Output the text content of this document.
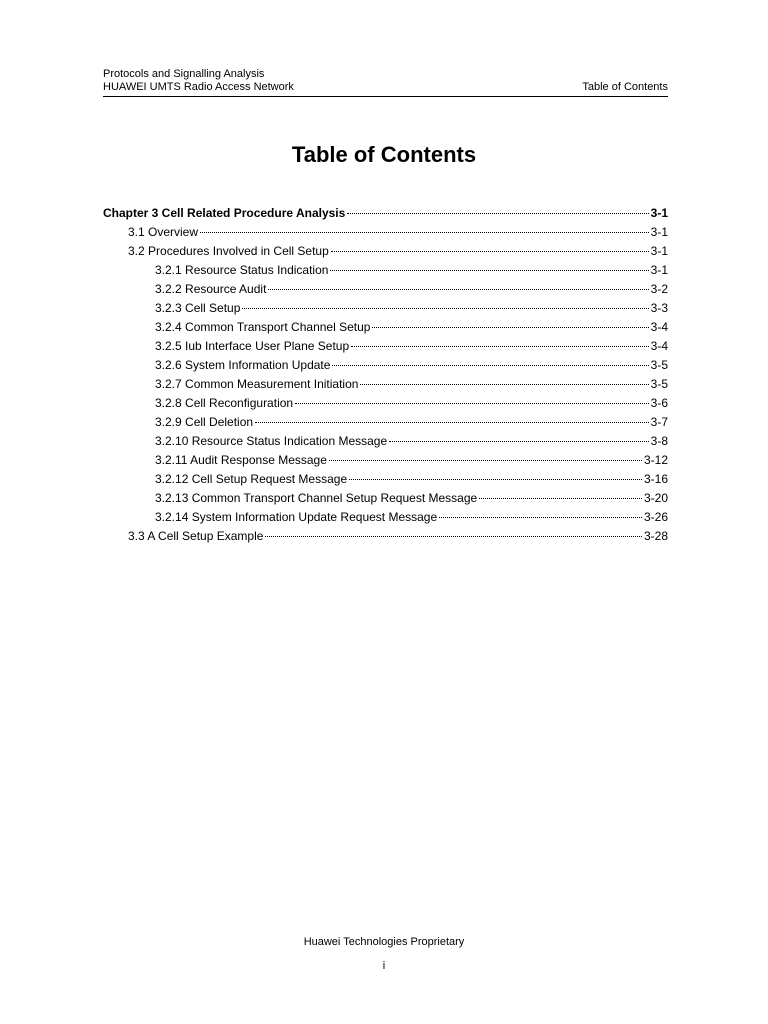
Protocols and Signalling Analysis
HUAWEI UMTS Radio Access Network	Table of Contents
Table of Contents
Chapter 3 Cell Related Procedure Analysis	3-1
3.1 Overview	3-1
3.2 Procedures Involved in Cell Setup	3-1
3.2.1 Resource Status Indication	3-1
3.2.2 Resource Audit	3-2
3.2.3 Cell Setup	3-3
3.2.4 Common Transport Channel Setup	3-4
3.2.5 Iub Interface User Plane Setup	3-4
3.2.6 System Information Update	3-5
3.2.7 Common Measurement Initiation	3-5
3.2.8 Cell Reconfiguration	3-6
3.2.9 Cell Deletion	3-7
3.2.10 Resource Status Indication Message	3-8
3.2.11 Audit Response Message	3-12
3.2.12 Cell Setup Request Message	3-16
3.2.13 Common Transport Channel Setup Request Message	3-20
3.2.14 System Information Update Request Message	3-26
3.3 A Cell Setup Example	3-28
Huawei Technologies Proprietary
i
